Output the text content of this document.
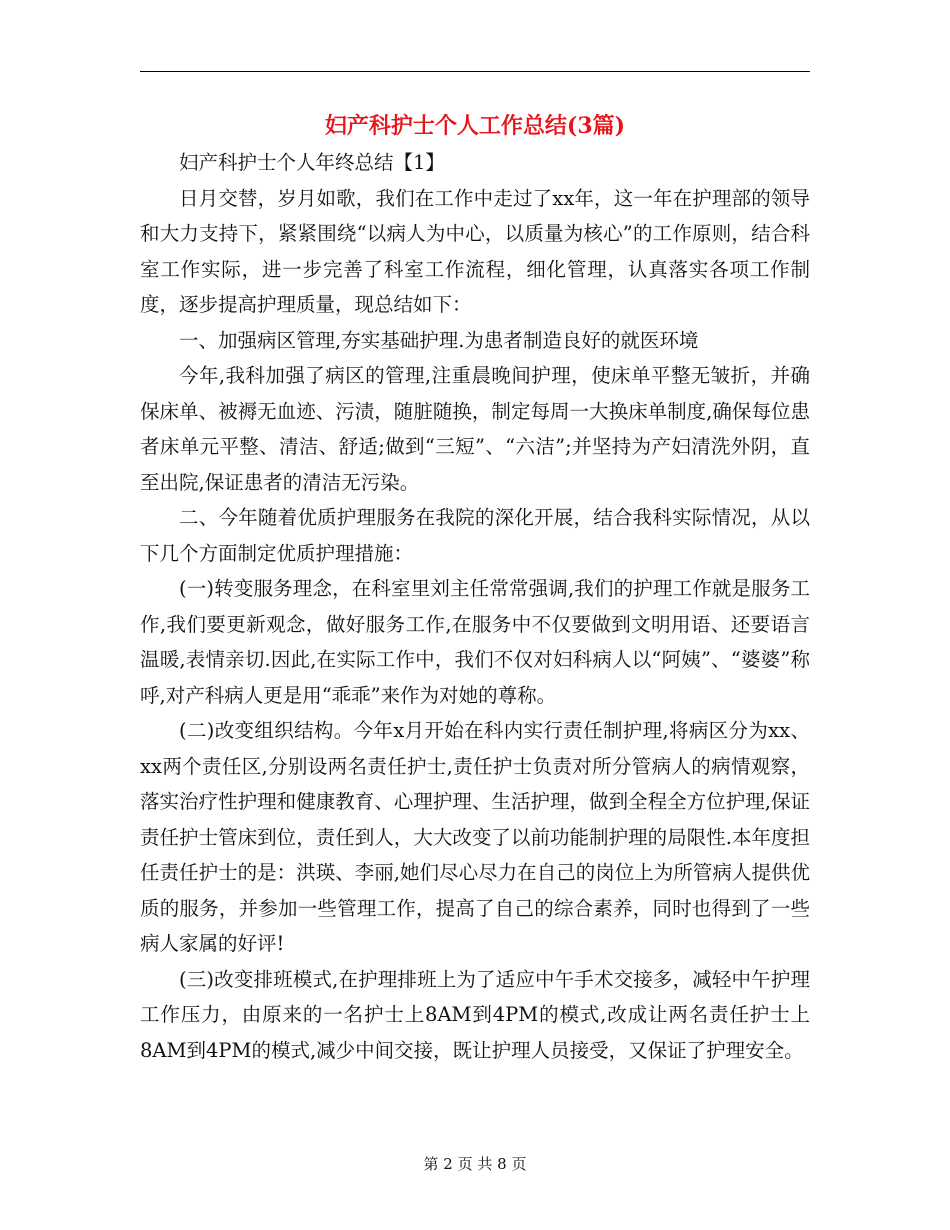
妇产科护士个人工作总结(3篇)

妇产科护士个人年终总结【1】

日月交替，岁月如歌，我们在工作中走过了xx年，这一年在护理部的领导和大力支持下，紧紧围绕“以病人为中心，以质量为核心”的工作原则，结合科室工作实际，进一步完善了科室工作流程，细化管理，认真落实各项工作制度，逐步提高护理质量，现总结如下：

一、加强病区管理,夯实基础护理.为患者制造良好的就医环境

今年,我科加强了病区的管理,注重晨晚间护理，使床单平整无皱折，并确保床单、被褥无血迹、污渍，随脏随换，制定每周一大换床单制度,确保每位患者床单元平整、清洁、舒适;做到“三短”、“六洁”;并坚持为产妇清洗外阴，直至出院,保证患者的清洁无污染。

二、今年随着优质护理服务在我院的深化开展，结合我科实际情况，从以下几个方面制定优质护理措施：

(一)转变服务理念，在科室里刘主任常常强调,我们的护理工作就是服务工作,我们要更新观念，做好服务工作,在服务中不仅要做到文明用语、还要语言温暖,表情亲切.因此,在实际工作中，我们不仅对妇科病人以“阿姨”、“婆婆”称呼,对产科病人更是用“乖乖”来作为对她的尊称。

(二)改变组织结构。今年x月开始在科内实行责任制护理,将病区分为xx、xx两个责任区,分别设两名责任护士,责任护士负责对所分管病人的病情观察，落实治疗性护理和健康教育、心理护理、生活护理，做到全程全方位护理,保证责任护士管床到位，责任到人，大大改变了以前功能制护理的局限性.本年度担任责任护士的是：洪瑛、李丽,她们尽心尽力在自己的岗位上为所管病人提供优质的服务，并参加一些管理工作，提高了自己的综合素养，同时也得到了一些病人家属的好评!

(三)改变排班模式,在护理排班上为了适应中午手术交接多，减轻中午护理工作压力，由原来的一名护士上8AM到4PM的模式,改成让两名责任护士上8AM到4PM的模式,减少中间交接，既让护理人员接受，又保证了护理安全。

第 2 页 共 8 页
